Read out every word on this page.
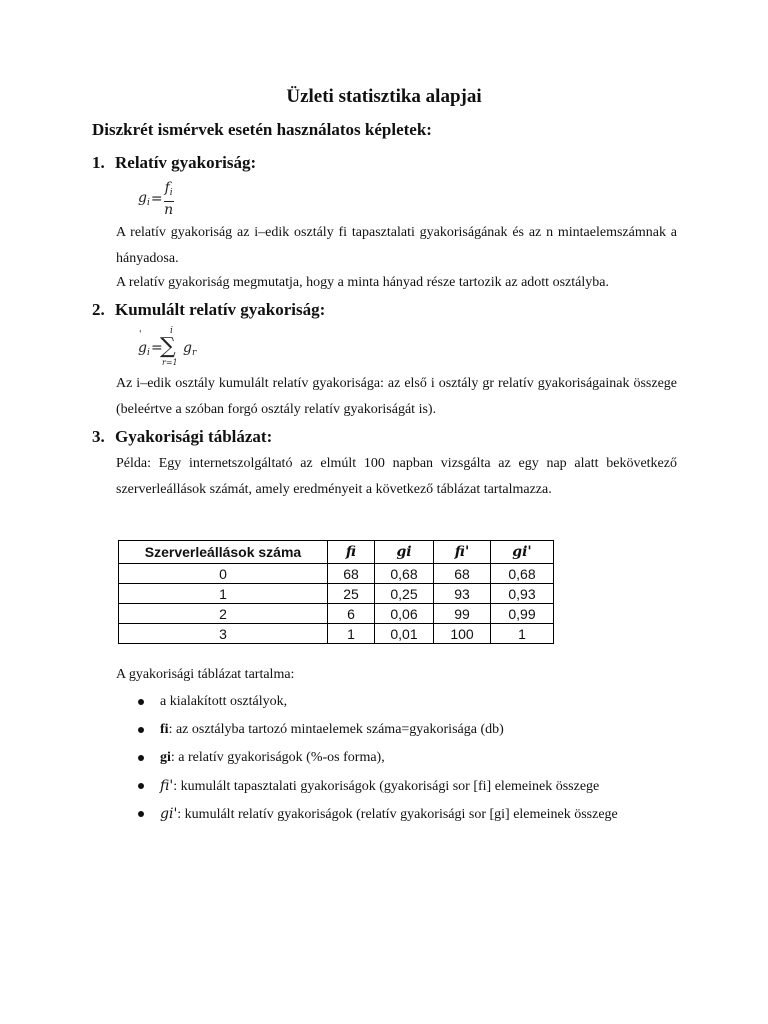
Üzleti statisztika alapjai
Diszkrét ismérvek esetén használatos képletek:
1. Relatív gyakoriság:
$g_i= \frac{f_i}{n}$
A relatív gyakoriság az i–edik osztály fi tapasztalati gyakoriságának és az n mintaelemszámnak a hányadosa.
A relatív gyakoriság megmutatja, hogy a minta hányad része tartozik az adott osztályba.
2. Kumulált relatív gyakoriság:
$g_i$
'
=
i
∑
r=1
$g_r$
Az i–edik osztály kumulált relatív gyakorisága: az első i osztály gr relatív gyakoriságainak összege (beleértve a szóban forgó osztály relatív gyakoriságát is).
3. Gyakorisági táblázat:
Példa: Egy internetszolgáltató az elmúlt 100 napban vizsgálta az egy nap alatt bekövetkező szerverleállások számát, amely eredményeit a következő táblázat tartalmazza.
Szerverleállások száma	fi	gi	fi'	gi'
0	68	0,68	68	0,68
1	25	0,25	93	0,93
2	6	0,06	99	0,99
3	1	0,01	100	1
A gyakorisági táblázat tartalma:
a kialakított osztályok,
fi: az osztályba tartozó mintaelemek száma=gyakorisága (db)
gi: a relatív gyakoriságok (%-os forma),
fi': kumulált tapasztalati gyakoriságok (gyakorisági sor [fi] elemeinek összege
gi': kumulált relatív gyakoriságok (relatív gyakorisági sor [gi] elemeinek összege
